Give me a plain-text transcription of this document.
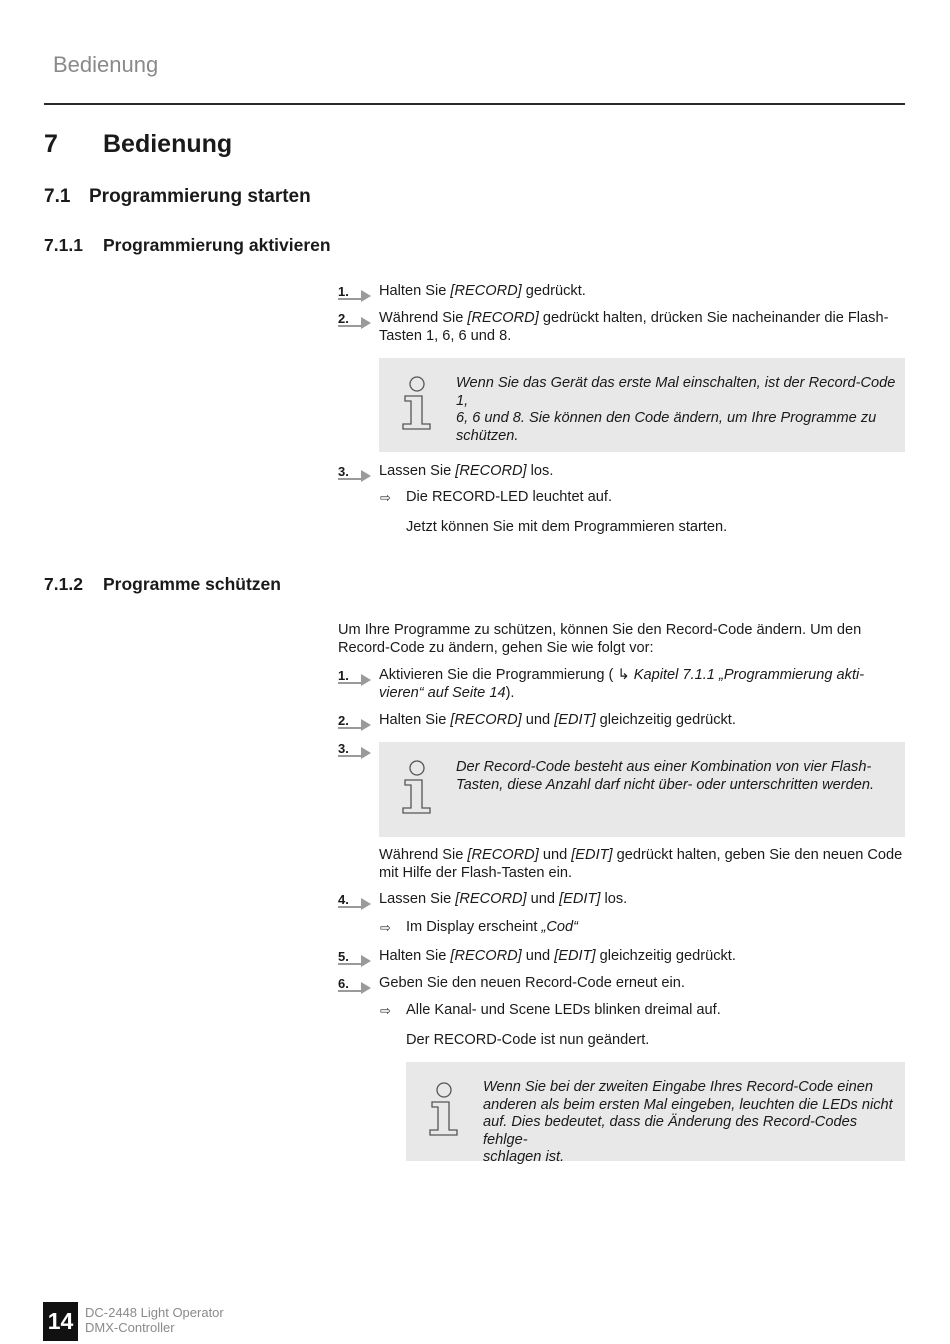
Bedienung
7 Bedienung
7.1 Programmierung starten
7.1.1 Programmierung aktivieren
1. Halten Sie [RECORD] gedrückt.
2. Während Sie [RECORD] gedrückt halten, drücken Sie nacheinander die Flash-
Tasten 1, 6, 6 und 8.
Wenn Sie das Gerät das erste Mal einschalten, ist der Record-Code 1,
6, 6 und 8. Sie können den Code ändern, um Ihre Programme zu
schützen.
3. Lassen Sie [RECORD] los.
⇨ Die RECORD-LED leuchtet auf.
Jetzt können Sie mit dem Programmieren starten.
7.1.2 Programme schützen
Um Ihre Programme zu schützen, können Sie den Record-Code ändern. Um den
Record-Code zu ändern, gehen Sie wie folgt vor:
1. Aktivieren Sie die Programmierung ( ↳ Kapitel 7.1.1 „Programmierung akti-
vieren“ auf Seite 14).
2. Halten Sie [RECORD] und [EDIT] gleichzeitig gedrückt.
3.
Der Record-Code besteht aus einer Kombination von vier Flash-
Tasten, diese Anzahl darf nicht über- oder unterschritten werden.
Während Sie [RECORD] und [EDIT] gedrückt halten, geben Sie den neuen Code
mit Hilfe der Flash-Tasten ein.
4. Lassen Sie [RECORD] und [EDIT] los.
⇨ Im Display erscheint „Cod“
5. Halten Sie [RECORD] und [EDIT] gleichzeitig gedrückt.
6. Geben Sie den neuen Record-Code erneut ein.
⇨ Alle Kanal- und Scene LEDs blinken dreimal auf.
Der RECORD-Code ist nun geändert.
Wenn Sie bei der zweiten Eingabe Ihres Record-Code einen
anderen als beim ersten Mal eingeben, leuchten die LEDs nicht
auf. Dies bedeutet, dass die Änderung des Record-Codes fehlge-
schlagen ist.
14 DC-2448 Light Operator
DMX-Controller
